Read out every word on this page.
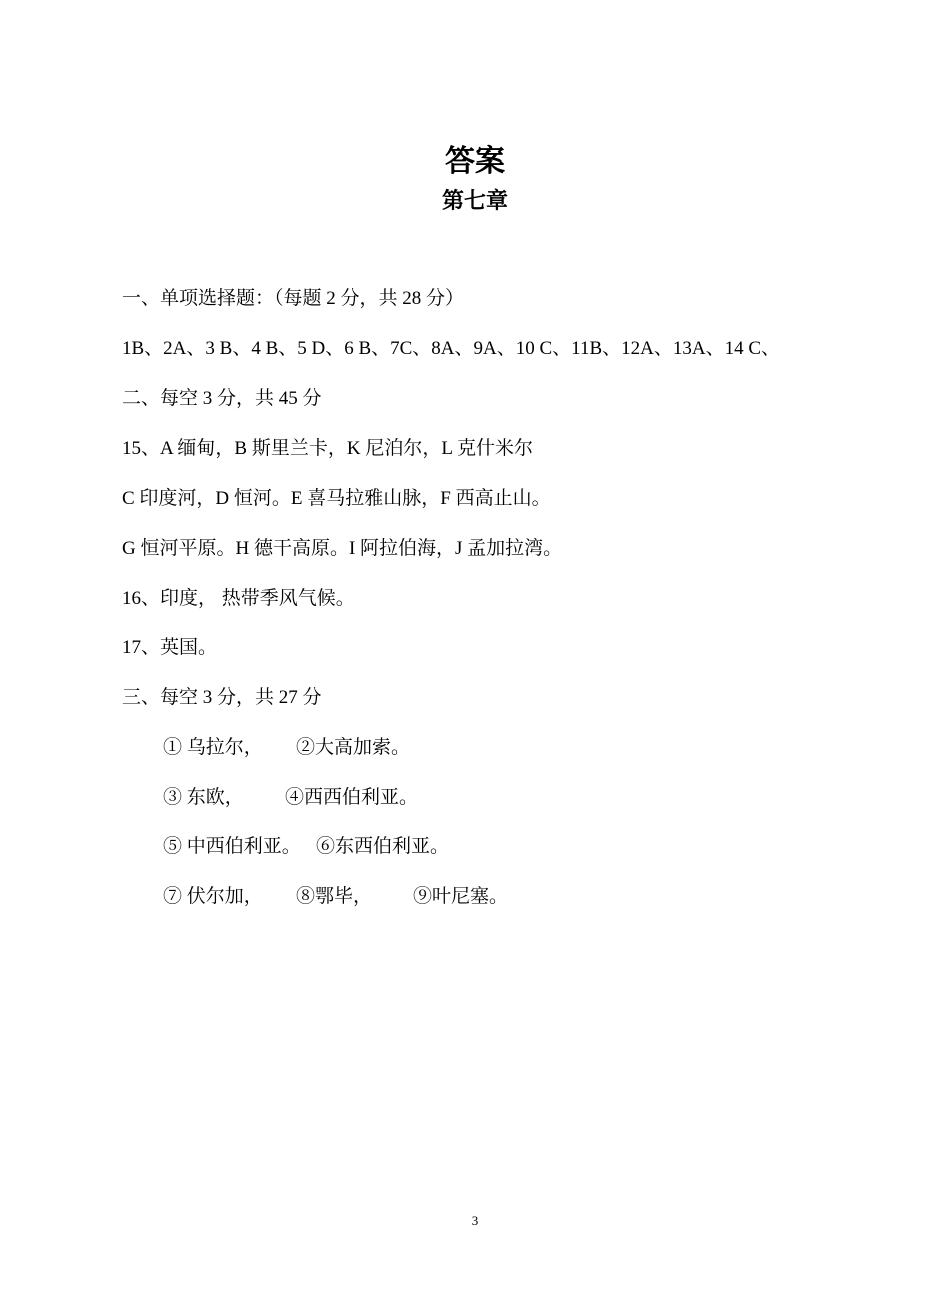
答案
第七章
一、单项选择题：（每题 2 分，共 28 分）
1B、2A、3 B、4 B、5 D、6 B、7C、8A、9A、10 C、11B、12A、13A、14 C、
二、每空 3 分，共 45 分
15、A 缅甸，B 斯里兰卡，K 尼泊尔，L 克什米尔
C 印度河，D 恒河。E 喜马拉雅山脉，F 西高止山。
G 恒河平原。H 德干高原。I 阿拉伯海，J 孟加拉湾。
16、印度， 热带季风气候。
17、英国。
三、每空 3 分，共 27 分
① 乌拉尔， ②大高加索。
③ 东欧， ④西西伯利亚。
⑤ 中西伯利亚。 ⑥东西伯利亚。
⑦ 伏尔加， ⑧鄂毕， ⑨叶尼塞。
3
